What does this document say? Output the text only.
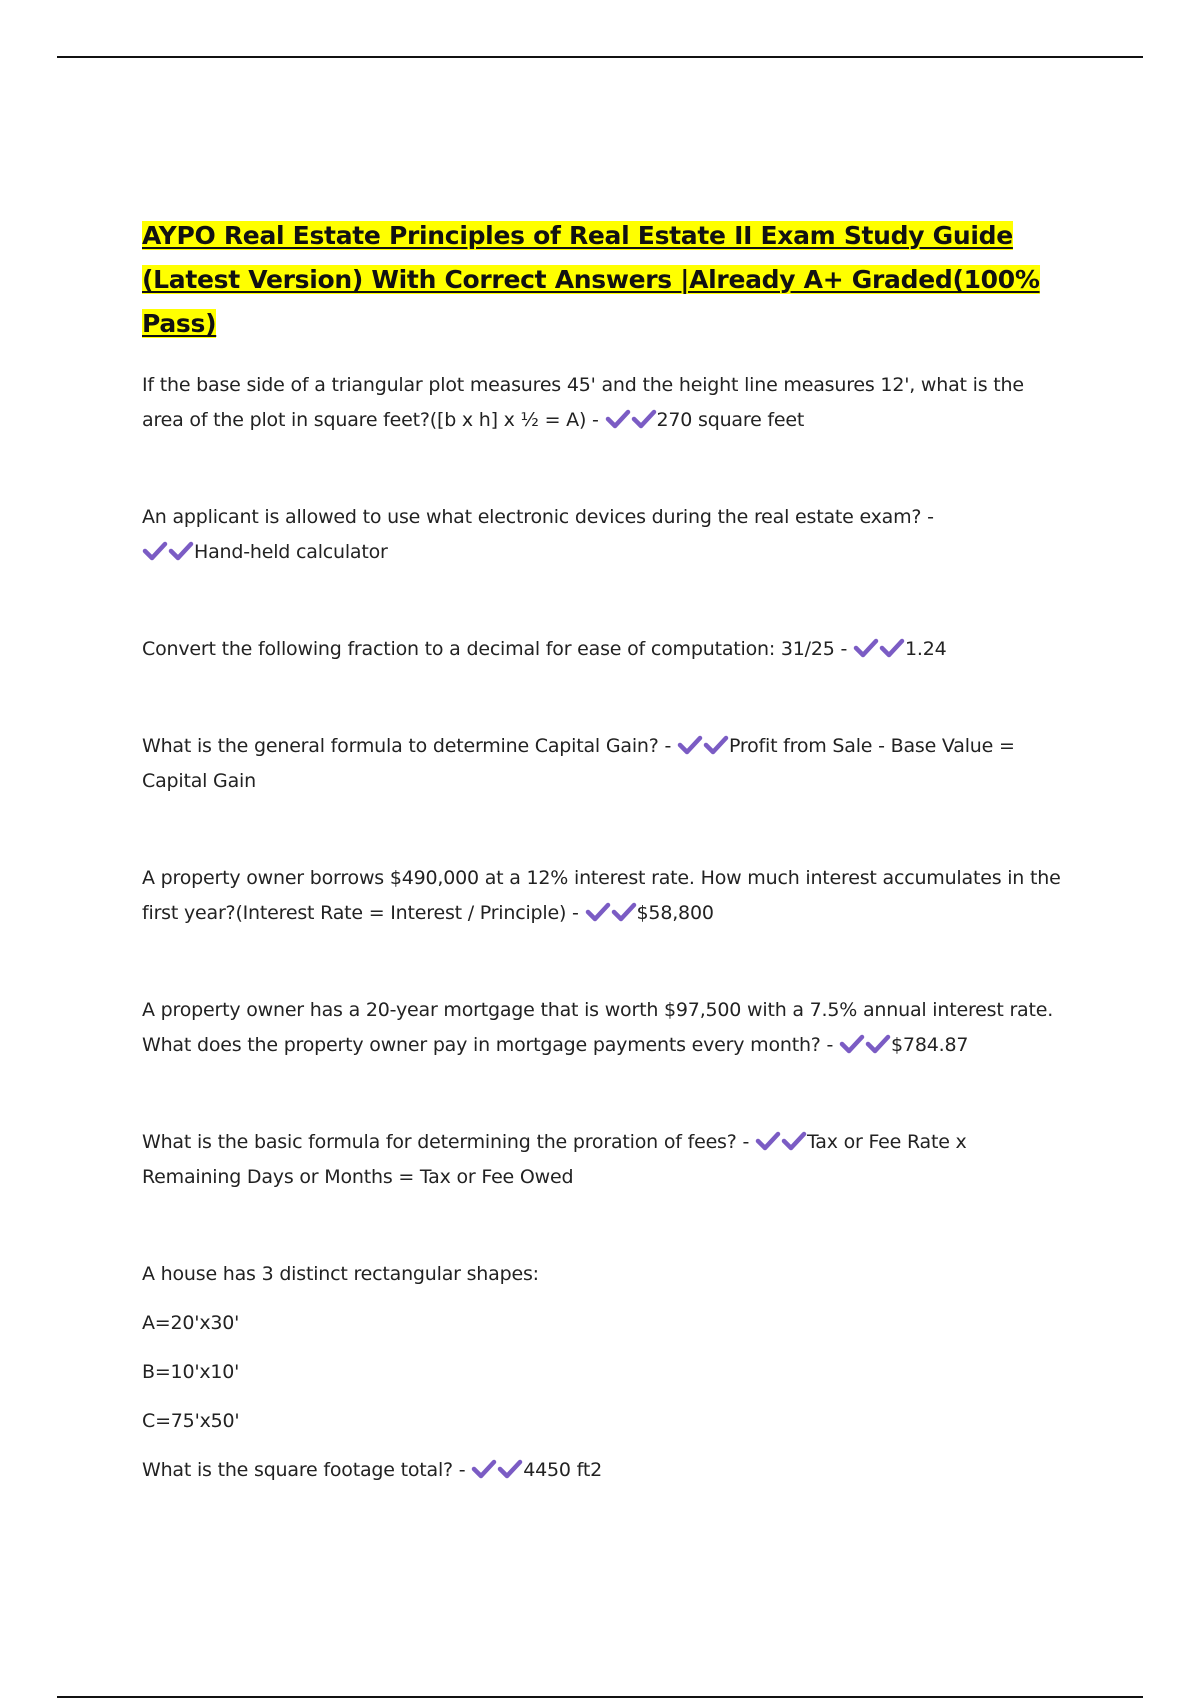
AYPO Real Estate Principles of Real Estate II Exam Study Guide (Latest Version) With Correct Answers |Already A+ Graded(100% Pass)

If the base side of a triangular plot measures 45' and the height line measures 12', what is the area of the plot in square feet?([b x h] x ½ = A) -	270 square feet

An applicant is allowed to use what electronic devices during the real estate exam? -

Hand-held calculator

Convert the following fraction to a decimal for ease of computation: 31/25 -	1.24

What is the general formula to determine Capital Gain? -	Profit from Sale - Base Value = Capital Gain

A property owner borrows $490,000 at a 12% interest rate. How much interest accumulates in the first year?(Interest Rate = Interest / Principle) -	$58,800

A property owner has a 20-year mortgage that is worth $97,500 with a 7.5% annual interest rate. What does the property owner pay in mortgage payments every month? -	$784.87

What is the basic formula for determining the proration of fees? -	Tax or Fee Rate x Remaining Days or Months = Tax or Fee Owed

A house has 3 distinct rectangular shapes:

A=20'x30'

B=10'x10'

C=75'x50'

What is the square footage total? -	4450 ft2
